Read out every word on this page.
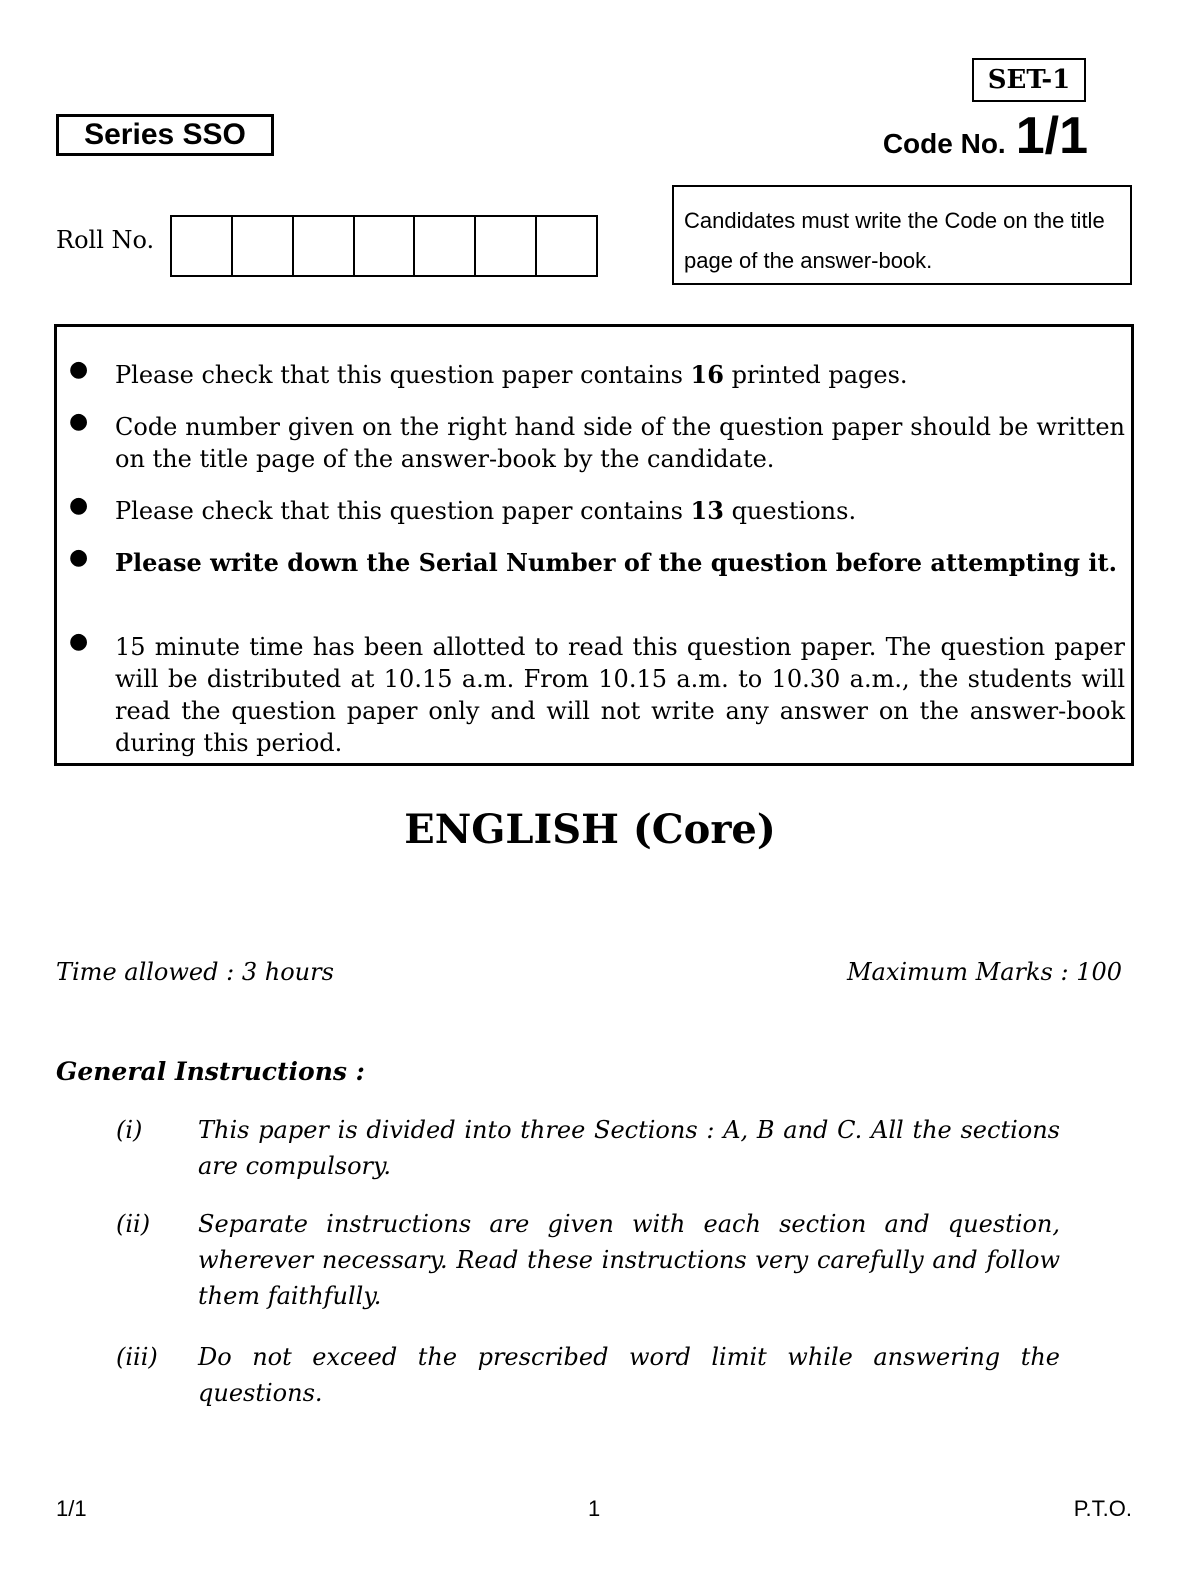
SET-1
Series SSO	Code No. 1/1
Roll No.
Candidates must write the Code on the title page of the answer-book.
● Please check that this question paper contains 16 printed pages.
● Code number given on the right hand side of the question paper should be written on the title page of the answer-book by the candidate.
● Please check that this question paper contains 13 questions.
● Please write down the Serial Number of the question before attempting it.
● 15 minute time has been allotted to read this question paper. The question paper will be distributed at 10.15 a.m. From 10.15 a.m. to 10.30 a.m., the students will read the question paper only and will not write any answer on the answer-book during this period.
ENGLISH (Core)
Time allowed : 3 hours	Maximum Marks : 100
General Instructions :
(i) This paper is divided into three Sections : A, B and C. All the sections are compulsory.
(ii) Separate instructions are given with each section and question, wherever necessary. Read these instructions very carefully and follow them faithfully.
(iii) Do not exceed the prescribed word limit while answering the questions.
1/1	1	P.T.O.
